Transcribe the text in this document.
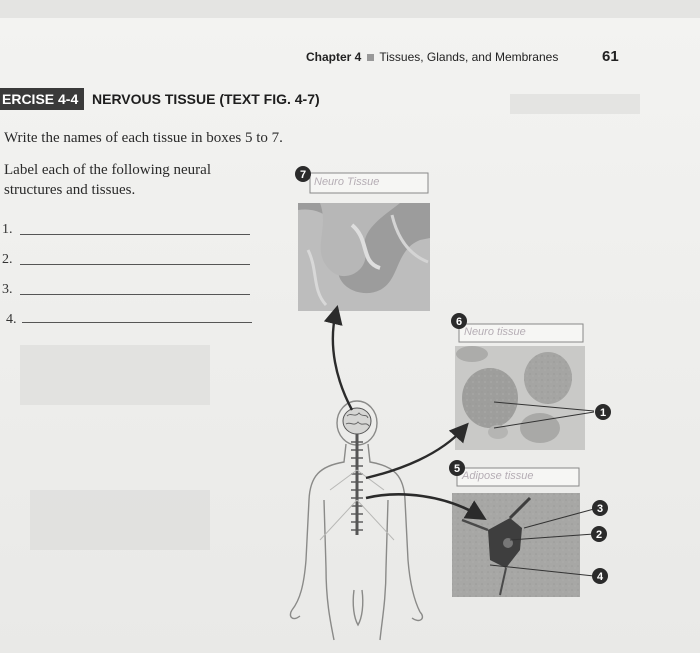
Chapter 4 Tissues, Glands, and Membranes	61
ERCISE 4-4 NERVOUS TISSUE (TEXT FIG. 4-7)
Write the names of each tissue in boxes 5 to 7.
Label each of the following neural
structures and tissues.
1.
2.
3.
4.
7
6
5
1
3
2
4
Neuro Tissue
Neuro tissue
Adipose tissue
